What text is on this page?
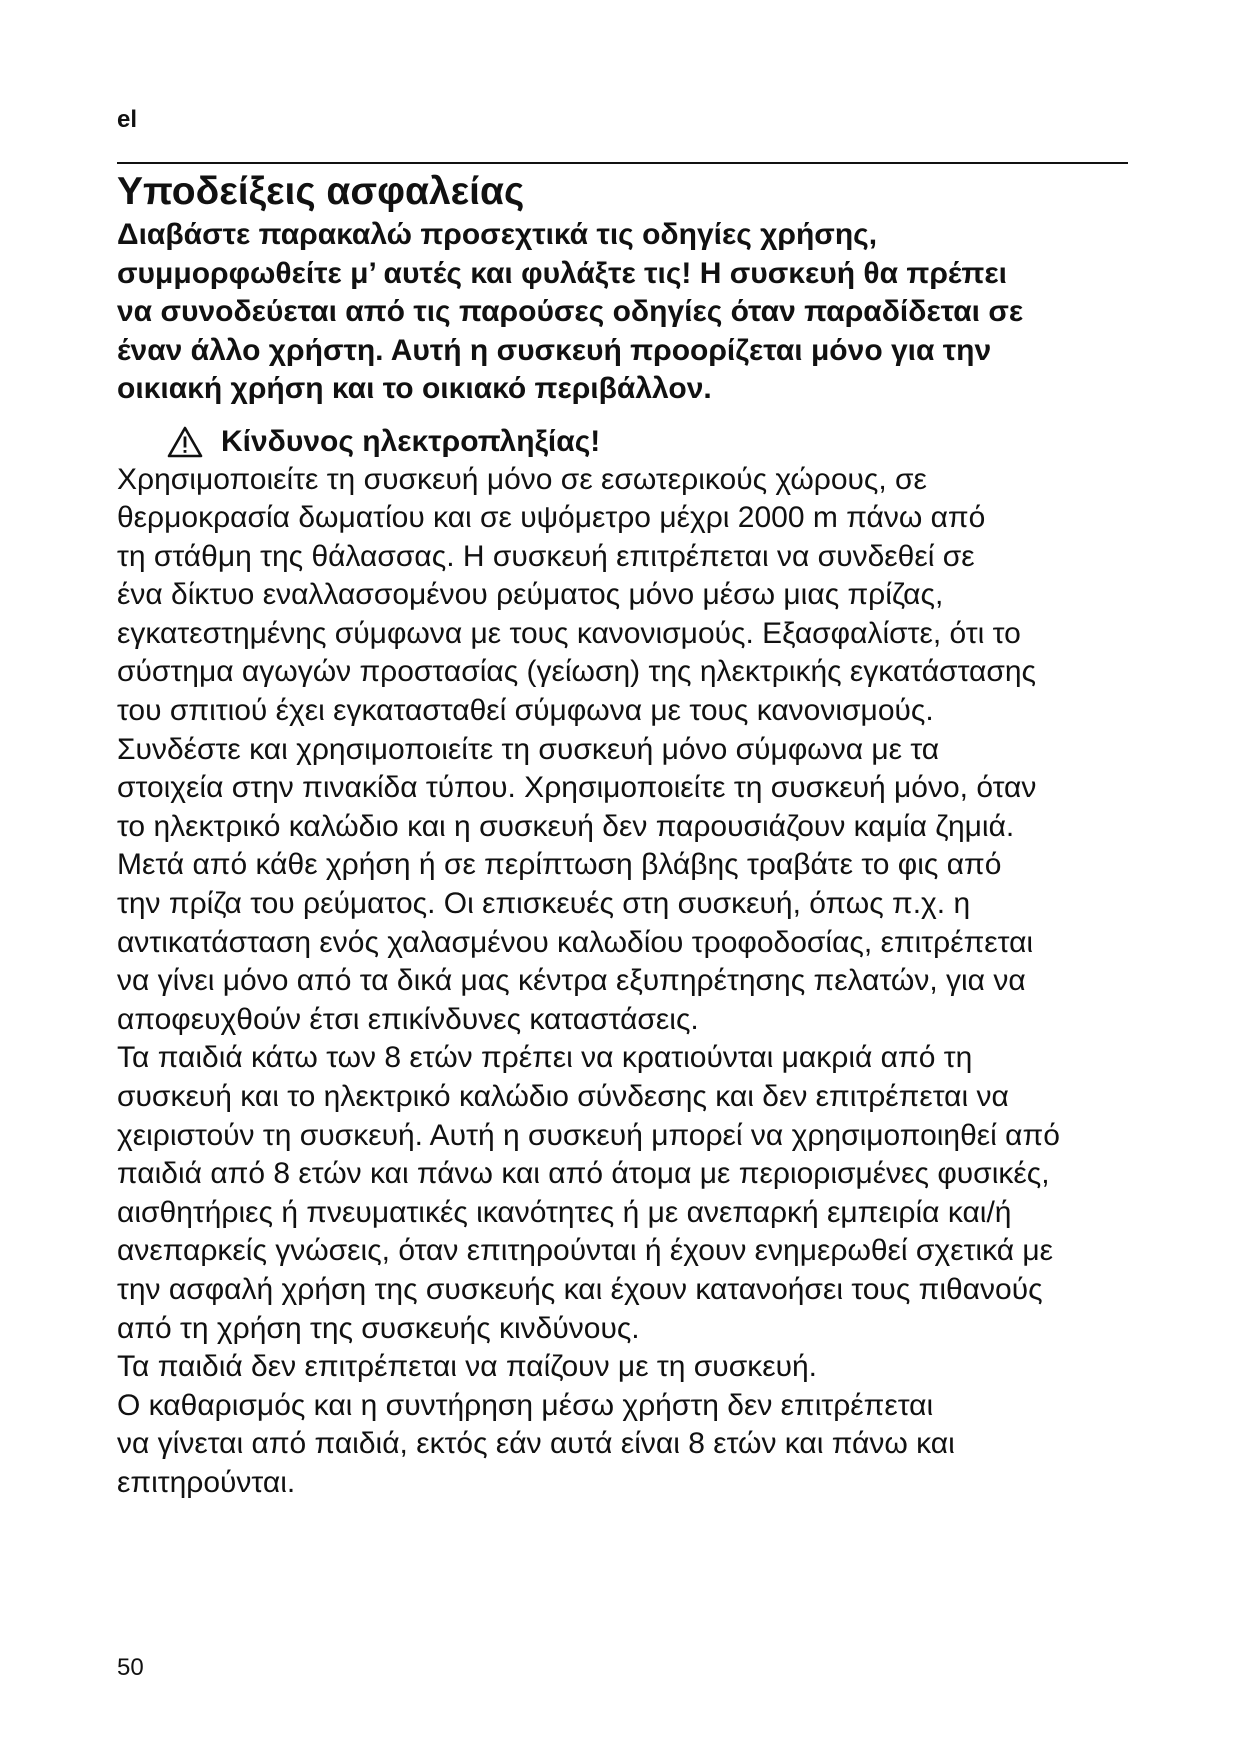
el
Υποδείξεις ασφαλείας
Διαβάστε παρακαλώ προσεχτικά τις οδηγίες χρήσης,
συμμορφωθείτε μ’ αυτές και φυλάξτε τις! Η συσκευή θα πρέπει
να συνοδεύεται από τις παρούσες οδηγίες όταν παραδίδεται σε
έναν άλλο χρήστη. Αυτή η συσκευή προορίζεται μόνο για την
οικιακή χρήση και το οικιακό περιβάλλον.
Κίνδυνος ηλεκτροπληξίας!
Χρησιμοποιείτε τη συσκευή μόνο σε εσωτερικούς χώρους, σε
θερμοκρασία δωματίου και σε υψόμετρο μέχρι 2000 m πάνω από
τη στάθμη της θάλασσας. Η συσκευή επιτρέπεται να συνδεθεί σε
ένα δίκτυο εναλλασσομένου ρεύματος μόνο μέσω μιας πρίζας,
εγκατεστημένης σύμφωνα με τους κανονισμούς. Εξασφαλίστε, ότι το
σύστημα αγωγών προστασίας (γείωση) της ηλεκτρικής εγκατάστασης
του σπιτιού έχει εγκατασταθεί σύμφωνα με τους κανονισμούς.
Συνδέστε και χρησιμοποιείτε τη συσκευή μόνο σύμφωνα με τα
στοιχεία στην πινακίδα τύπου. Χρησιμοποιείτε τη συσκευή μόνο, όταν
το ηλεκτρικό καλώδιο και η συσκευή δεν παρουσιάζουν καμία ζημιά.
Μετά από κάθε χρήση ή σε περίπτωση βλάβης τραβάτε το φις από
την πρίζα του ρεύματος. Οι επισκευές στη συσκευή, όπως π.χ. η
αντικατάσταση ενός χαλασμένου καλωδίου τροφοδοσίας, επιτρέπεται
να γίνει μόνο από τα δικά μας κέντρα εξυπηρέτησης πελατών, για να
αποφευχθούν έτσι επικίνδυνες καταστάσεις.
Τα παιδιά κάτω των 8 ετών πρέπει να κρατιούνται μακριά από τη
συσκευή και το ηλεκτρικό καλώδιο σύνδεσης και δεν επιτρέπεται να
χειριστούν τη συσκευή. Αυτή η συσκευή μπορεί να χρησιμοποιηθεί από
παιδιά από 8 ετών και πάνω και από άτομα με περιορισμένες φυσικές,
αισθητήριες ή πνευματικές ικανότητες ή με ανεπαρκή εμπειρία και/ή
ανεπαρκείς γνώσεις, όταν επιτηρούνται ή έχουν ενημερωθεί σχετικά με
την ασφαλή χρήση της συσκευής και έχουν κατανοήσει τους πιθανούς
από τη χρήση της συσκευής κινδύνους.
Τα παιδιά δεν επιτρέπεται να παίζουν με τη συσκευή.
Ο καθαρισμός και η συντήρηση μέσω χρήστη δεν επιτρέπεται
να γίνεται από παιδιά, εκτός εάν αυτά είναι 8 ετών και πάνω και
επιτηρούνται.
50
